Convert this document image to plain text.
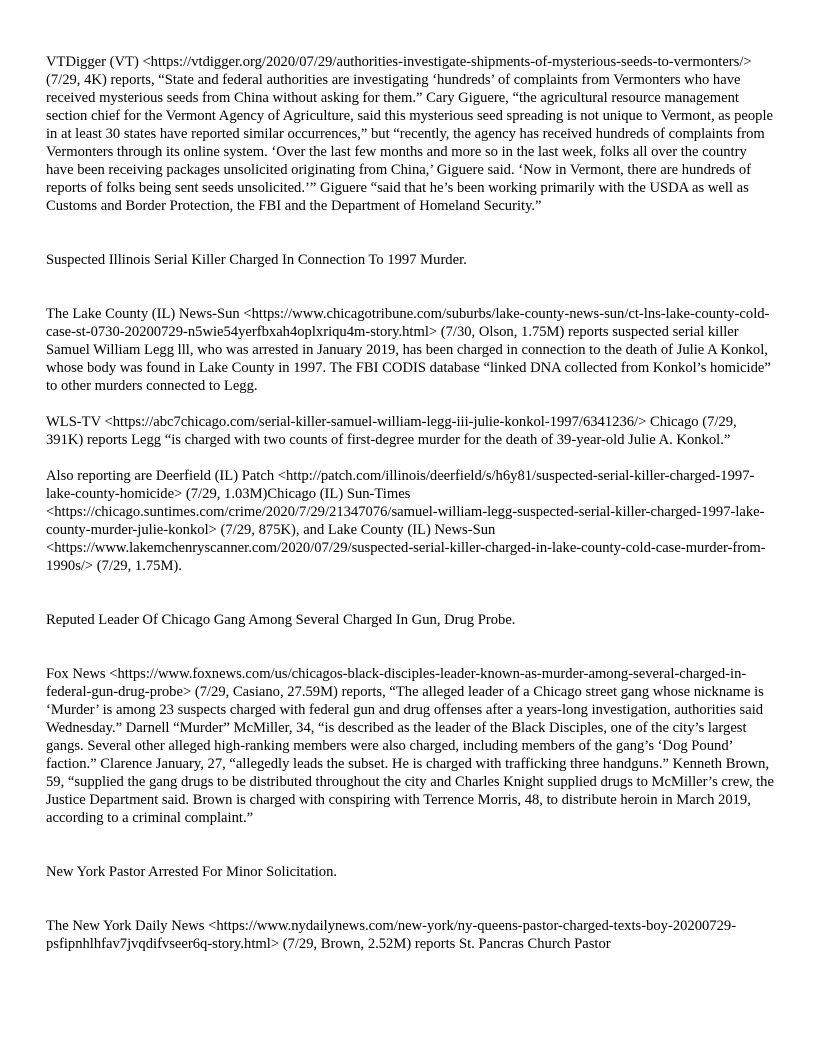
VTDigger (VT) <https://vtdigger.org/2020/07/29/authorities-investigate-shipments-of-mysterious-seeds-to-vermonters/> (7/29, 4K) reports, “State and federal authorities are investigating ‘hundreds’ of complaints from Vermonters who have received mysterious seeds from China without asking for them.” Cary Giguere, “the agricultural resource management section chief for the Vermont Agency of Agriculture, said this mysterious seed spreading is not unique to Vermont, as people in at least 30 states have reported similar occurrences,” but “recently, the agency has received hundreds of complaints from Vermonters through its online system. ‘Over the last few months and more so in the last week, folks all over the country have been receiving packages unsolicited originating from China,’ Giguere said. ‘Now in Vermont, there are hundreds of reports of folks being sent seeds unsolicited.’” Giguere “said that he’s been working primarily with the USDA as well as Customs and Border Protection, the FBI and the Department of Homeland Security.”

Suspected Illinois Serial Killer Charged In Connection To 1997 Murder.

The Lake County (IL) News-Sun <https://www.chicagotribune.com/suburbs/lake-county-news-sun/ct-lns-lake-county-cold-case-st-0730-20200729-n5wie54yerfbxah4oplxriqu4m-story.html> (7/30, Olson, 1.75M) reports suspected serial killer Samuel William Legg lll, who was arrested in January 2019, has been charged in connection to the death of Julie A Konkol, whose body was found in Lake County in 1997. The FBI CODIS database “linked DNA collected from Konkol’s homicide” to other murders connected to Legg.

WLS-TV <https://abc7chicago.com/serial-killer-samuel-william-legg-iii-julie-konkol-1997/6341236/> Chicago (7/29, 391K) reports Legg “is charged with two counts of first-degree murder for the death of 39-year-old Julie A. Konkol.”

Also reporting are Deerfield (IL) Patch <http://patch.com/illinois/deerfield/s/h6y81/suspected-serial-killer-charged-1997-lake-county-homicide> (7/29, 1.03M)Chicago (IL) Sun-Times <https://chicago.suntimes.com/crime/2020/7/29/21347076/samuel-william-legg-suspected-serial-killer-charged-1997-lake-county-murder-julie-konkol> (7/29, 875K), and Lake County (IL) News-Sun <https://www.lakemchenryscanner.com/2020/07/29/suspected-serial-killer-charged-in-lake-county-cold-case-murder-from-1990s/> (7/29, 1.75M).

Reputed Leader Of Chicago Gang Among Several Charged In Gun, Drug Probe.

Fox News <https://www.foxnews.com/us/chicagos-black-disciples-leader-known-as-murder-among-several-charged-in-federal-gun-drug-probe> (7/29, Casiano, 27.59M) reports, “The alleged leader of a Chicago street gang whose nickname is ‘Murder’ is among 23 suspects charged with federal gun and drug offenses after a years-long investigation, authorities said Wednesday.” Darnell “Murder” McMiller, 34, “is described as the leader of the Black Disciples, one of the city’s largest gangs. Several other alleged high-ranking members were also charged, including members of the gang’s ‘Dog Pound’ faction.” Clarence January, 27, “allegedly leads the subset. He is charged with trafficking three handguns.” Kenneth Brown, 59, “supplied the gang drugs to be distributed throughout the city and Charles Knight supplied drugs to McMiller’s crew, the Justice Department said. Brown is charged with conspiring with Terrence Morris, 48, to distribute heroin in March 2019, according to a criminal complaint.”

New York Pastor Arrested For Minor Solicitation.

The New York Daily News <https://www.nydailynews.com/new-york/ny-queens-pastor-charged-texts-boy-20200729-psfipnhlhfav7jvqdifvseer6q-story.html> (7/29, Brown, 2.52M) reports St. Pancras Church Pastor
